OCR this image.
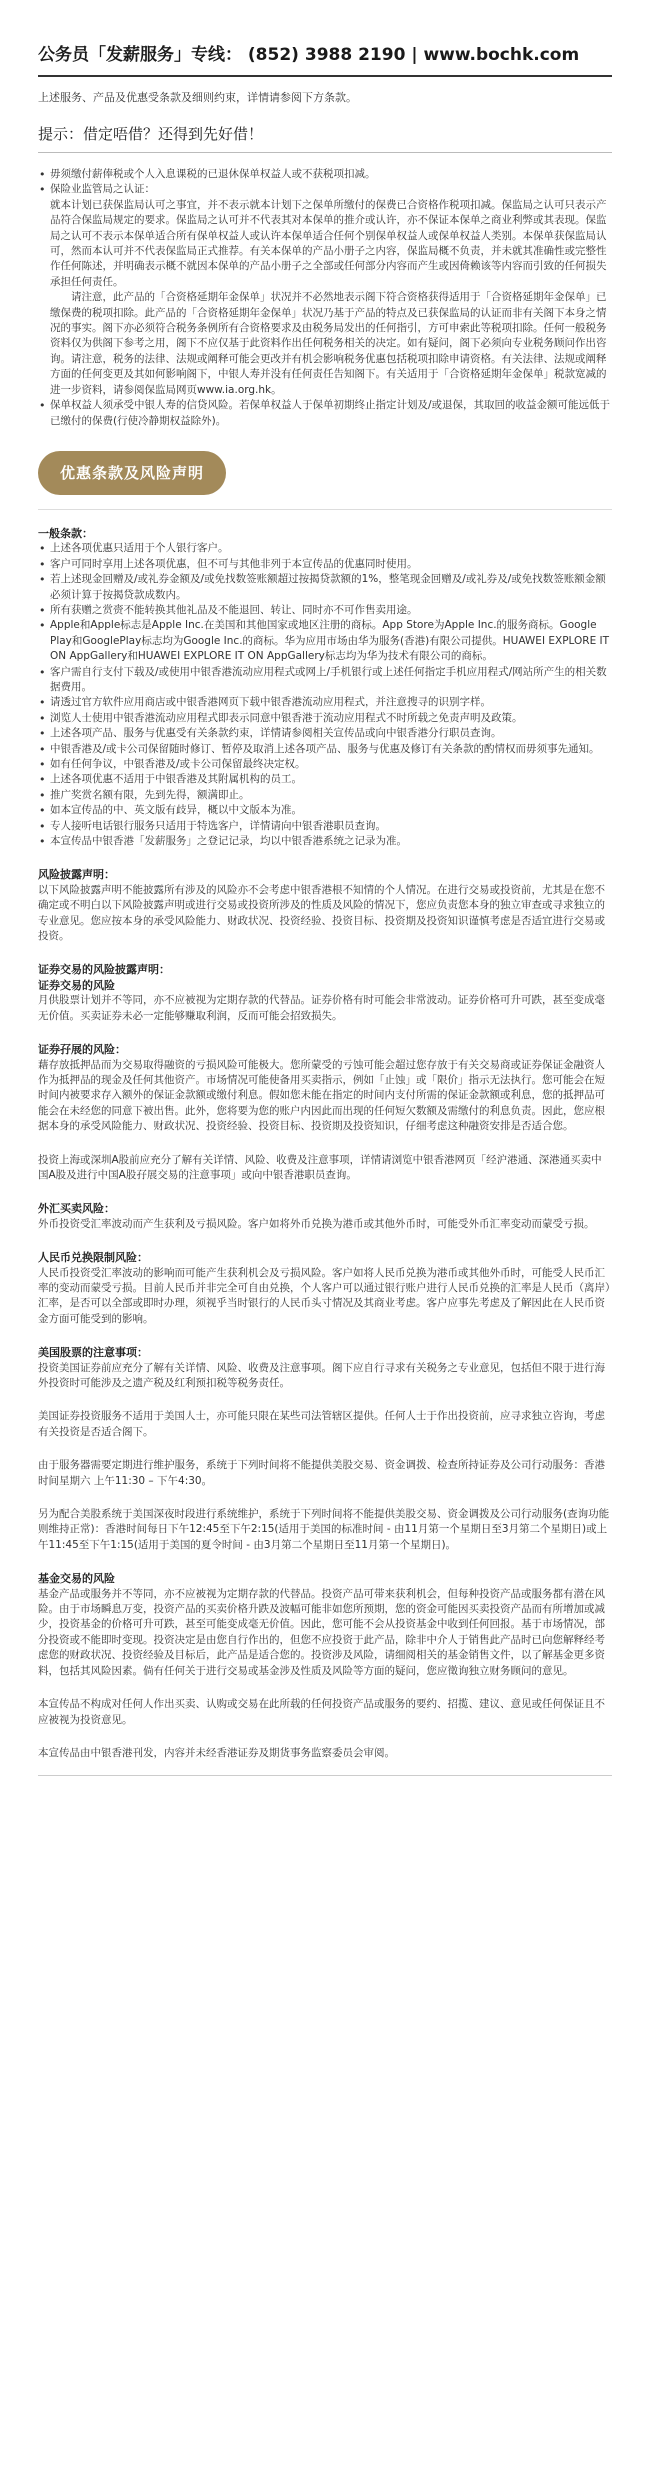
公务员「发薪服务」专线： (852) 3988 2190 | www.bochk.com
上述服务、产品及优惠受条款及细则约束，详情请参阅下方条款。
提示：借定唔借？还得到先好借！
• 毋须缴付薪俸税或个人入息课税的已退休保单权益人或不获税项扣减。
• 保险业监管局之认证：

就本计划已获保监局认可之事宜，并不表示就本计划下之保单所缴付的保费已合资格作税项扣减。保监局之认可只表示产品符合保监局规定的要求。保监局之认可并不代表其对本保单的推介或认许，亦不保证本保单之商业利弊或其表现。保监局之认可不表示本保单适合所有保单权益人或认许本保单适合任何个别保单权益人或保单权益人类别。本保单获保监局认可，然而本认可并不代表保监局正式推荐。有关本保单的产品小册子之内容，保监局概不负责，并未就其准确性或完整性作任何陈述，并明确表示概不就因本保单的产品小册子之全部或任何部分内容而产生或因倚赖该等内容而引致的任何损失承担任何责任。

请注意，此产品的「合资格延期年金保单」状况并不必然地表示阁下符合资格获得适用于「合资格延期年金保单」已缴保费的税项扣除。此产品的「合资格延期年金保单」状况乃基于产品的特点及已获保监局的认证而非有关阁下本身之情况的事实。阁下亦必须符合税务条例所有合资格要求及由税务局发出的任何指引，方可申索此等税项扣除。任何一般税务资料仅为供阁下参考之用，阁下不应仅基于此资料作出任何税务相关的决定。如有疑问，阁下必须向专业税务顾问作出咨询。请注意，税务的法律、法规或阐释可能会更改并有机会影响税务优惠包括税项扣除申请资格。有关法律、法规或阐释方面的任何变更及其如何影响阁下，中银人寿并没有任何责任告知阁下。有关适用于「合资格延期年金保单」税款宽减的进一步资料，请参阅保监局网页www.ia.org.hk。

• 保单权益人须承受中银人寿的信贷风险。若保单权益人于保单初期终止指定计划及/或退保，其取回的收益金额可能远低于 已缴付的保费(行使冷静期权益除外)。
优惠条款及风险声明

一般条款：

• 上述各项优惠只适用于个人银行客户。
• 客户可同时享用上述各项优惠，但不可与其他非列于本宣传品的优惠同时使用。
• 若上述现金回赠及/或礼券金额及/或免找数签账额超过按揭贷款额的1%，整笔现金回赠及/或礼券及/或免找数签账额金额必须计算于按揭贷款成数内。
• 所有获赠之赏赍不能转换其他礼品及不能退回、转让、同时亦不可作售卖用途。
• Apple和Apple标志是Apple Inc.在美国和其他国家或地区注册的商标。App Store为Apple Inc.的服务商标。Google Play和GooglePlay标志均为Google Inc.的商标。华为应用市场由华为服务(香港)有限公司提供。HUAWEI EXPLORE IT ON AppGallery和HUAWEI EXPLORE IT ON AppGallery标志均为华为技术有限公司的商标。
• 客户需自行支付下载及/或使用中银香港流动应用程式或网上/手机银行或上述任何指定手机应用程式/网站所产生的相关数据费用。
• 请透过官方软件应用商店或中银香港网页下载中银香港流动应用程式，并注意搜寻的识别字样。
• 浏览人士使用中银香港流动应用程式即表示同意中银香港于流动应用程式不时所载之免责声明及政策。
• 上述各项产品、服务与优惠受有关条款约束，详情请参阅相关宣传品或向中银香港分行职员查询。
• 中银香港及/或卡公司保留随时修订、暂停及取消上述各项产品、服务与优惠及修订有关条款的酌情权而毋须事先通知。
• 如有任何争议，中银香港及/或卡公司保留最终决定权。
• 上述各项优惠不适用于中银香港及其附属机构的员工。
• 推广奖赏名额有限，先到先得，额满即止。
• 如本宣传品的中、英文版有歧异，概以中文版本为准。
• 专人接听电话银行服务只适用于特选客户，详情请向中银香港职员查询。
• 本宣传品中银香港「发薪服务」之登记记录，均以中银香港系统之记录为准。

风险披露声明：

以下风险披露声明不能披露所有涉及的风险亦不会考虑中银香港根不知情的个人情况。在进行交易或投资前，尤其是在您不确定或不明白以下风险披露声明或进行交易或投资所涉及的性质及风险的情况下，您应负责您本身的独立审查或寻求独立的专业意见。您应按本身的承受风险能力、财政状况、投资经验、投资目标、投资期及投资知识谨慎考虑是否适宜进行交易或投资。

证券交易的风险披露声明：

证券交易的风险

月供股票计划并不等同，亦不应被视为定期存款的代替品。证券价格有时可能会非常波动。证券价格可升可跌，甚至变成毫无价值。买卖证券未必一定能够赚取利润，反而可能会招致损失。

证券孖展的风险：

藉存放抵押品而为交易取得融资的亏损风险可能极大。您所蒙受的亏蚀可能会超过您存放于有关交易商或证券保证金融资人作为抵押品的现金及任何其他资产。市场情况可能使备用买卖指示，例如「止蚀」或「限价」指示无法执行。您可能会在短时间内被要求存入额外的保证金款额或缴付利息。假如您未能在指定的时间内支付所需的保证金款额或利息，您的抵押品可能会在未经您的同意下被出售。此外，您将要为您的账户内因此而出现的任何短欠数额及需缴付的利息负责。因此，您应根据本身的承受风险能力、财政状况、投资经验、投资目标、投资期及投资知识，仔细考虑这种融资安排是否适合您。

投资上海或深圳A股前应充分了解有关详情、风险、收费及注意事项，详情请浏览中银香港网页「经沪港通、深港通买卖中国A股及进行中国A股孖展交易的注意事项」或向中银香港职员查询。

外汇买卖风险：

外币投资受汇率波动而产生获利及亏损风险。客户如将外币兑换为港币或其他外币时，可能受外币汇率变动而蒙受亏损。

人民币兑换限制风险：

人民币投资受汇率波动的影响而可能产生获利机会及亏损风险。客户如将人民币兑换为港币或其他外币时，可能受人民币汇率的变动而蒙受亏损。目前人民币并非完全可自由兑换，个人客户可以通过银行账户进行人民币兑换的汇率是人民币（离岸）汇率，是否可以全部或即时办理，须视乎当时银行的人民币头寸情况及其商业考虑。客户应事先考虑及了解因此在人民币资金方面可能受到的影响。

美国股票的注意事项：

投资美国证券前应充分了解有关详情、风险、收费及注意事项。阁下应自行寻求有关税务之专业意见，包括但不限于进行海外投资时可能涉及之遗产税及红利预扣税等税务责任。

美国证券投资服务不适用于美国人士，亦可能只限在某些司法管辖区提供。任何人士于作出投资前，应寻求独立咨询，考虑有关投资是否适合阁下。

由于服务器需要定期进行维护服务，系统于下列时间将不能提供美股交易、资金调拨、检查所持证券及公司行动服务：香港时间星期六 上午11:30 – 下午4:30。

另为配合美股系统于美国深夜时段进行系统维护，系统于下列时间将不能提供美股交易、资金调拨及公司行动服务(查询功能则维持正常)：香港时间每日下午12:45至下午2:15(适用于美国的标准时间 - 由11月第一个星期日至3月第二个星期日)或上午11:45至下午1:15(适用于美国的夏令时间 - 由3月第二个星期日至11月第一个星期日)。

基金交易的风险

基金产品或服务并不等同，亦不应被视为定期存款的代替品。投资产品可带来获利机会，但每种投资产品或服务都有潜在风险。由于市场瞬息万变，投资产品的买卖价格升跌及波幅可能非如您所预期，您的资金可能因买卖投资产品而有所增加或减少，投资基金的价格可升可跌，甚至可能变成毫无价值。因此，您可能不会从投资基金中收到任何回报。基于市场情况，部分投资或不能即时变现。投资决定是由您自行作出的，但您不应投资于此产品，除非中介人于销售此产品时已向您解释经考虑您的财政状况、投资经验及目标后，此产品是适合您的。投资涉及风险，请细阅相关的基金销售文件，以了解基金更多资料，包括其风险因素。倘有任何关于进行交易或基金涉及性质及风险等方面的疑问，您应徵询独立财务顾问的意见。

本宣传品不构成对任何人作出买卖、认购或交易在此所载的任何投资产品或服务的要约、招揽、建议、意见或任何保证且不应被视为投资意见。

本宣传品由中银香港刊发，内容并未经香港证券及期货事务监察委员会审阅。
